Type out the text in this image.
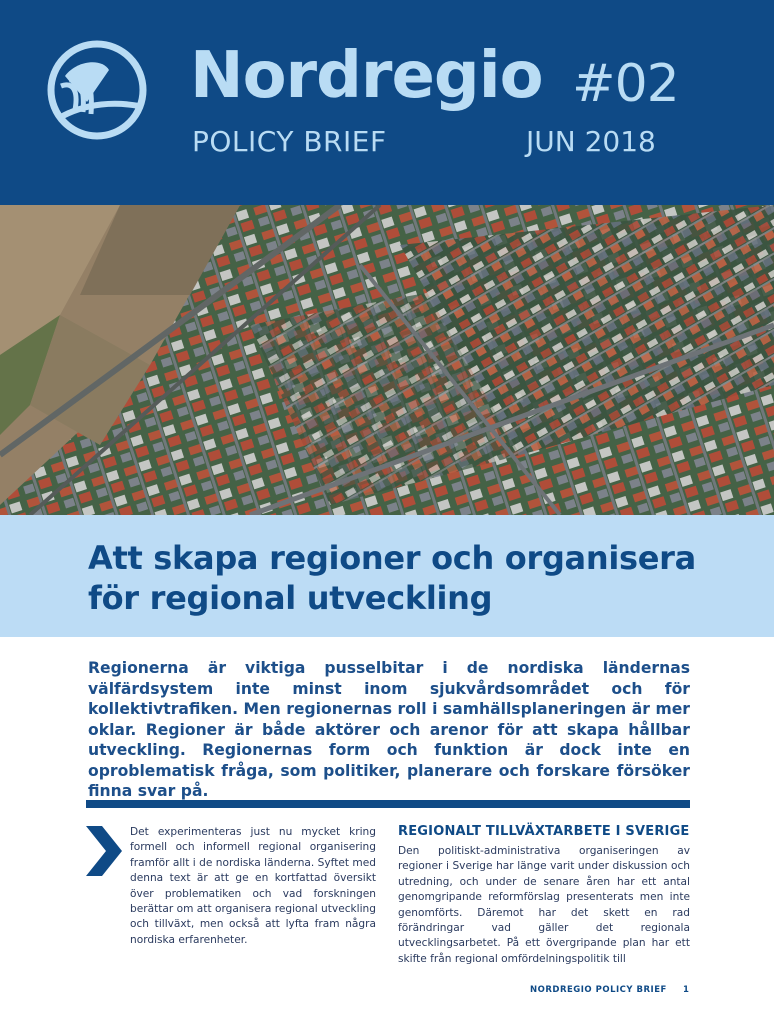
Nordregio #02
POLICY BRIEF	JUN 2018
Att skapa regioner och organisera för regional utveckling

Regionerna är viktiga pusselbitar i de nordiska ländernas välfärdsystem inte minst inom sjukvårdsområdet och för kollektivtrafiken. Men regionernas roll i samhällsplaneringen är mer oklar. Regioner är både aktörer och arenor för att skapa hållbar utveckling. Regionernas form och funktion är dock inte en oproblematisk fråga, som politiker, planerare och forskare försöker finna svar på.

Det experimenteras just nu mycket kring formell och informell regional organisering framför allt i de nordiska länderna. Syftet med denna text är att ge en kortfattad översikt över problematiken och vad forskningen berättar om att organisera regional utveckling och tillväxt, men också att lyfta fram några nordiska erfarenheter.

REGIONALT TILLVÄXTARBETE I SVERIGE

Den politiskt-administrativa organiseringen av regioner i Sverige har länge varit under diskussion och utredning, och under de senare åren har ett antal genomgripande reformförslag presenterats men inte genomförts. Däremot har det skett en rad förändringar vad gäller det regionala utvecklingsarbetet. På ett övergripande plan har ett skifte från regional omfördelningspolitik till

NORDREGIO POLICY BRIEF 1
